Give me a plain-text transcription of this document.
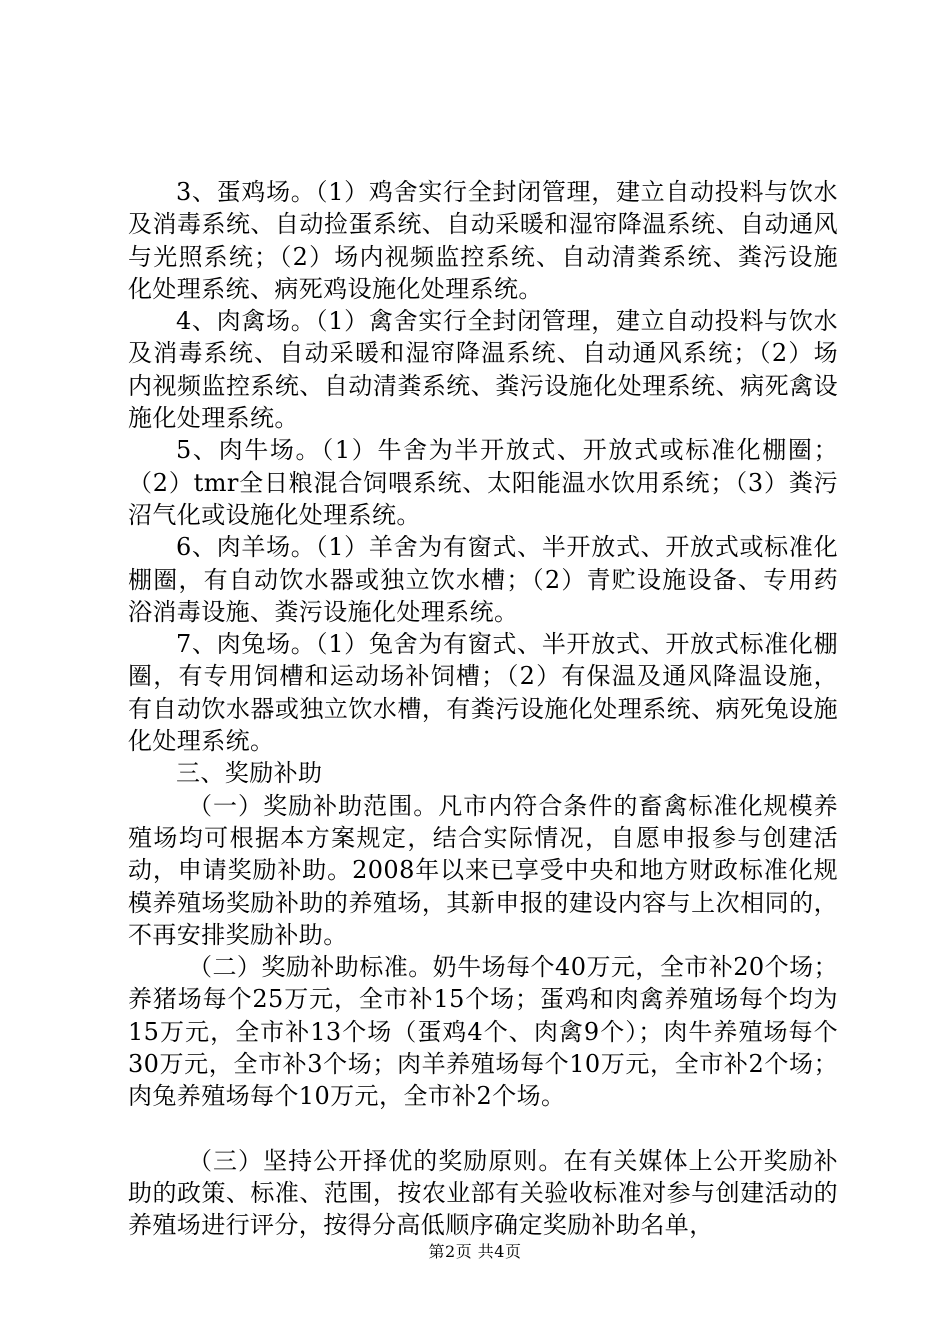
3、蛋鸡场。（1）鸡舍实行全封闭管理，建立自动投料与饮水及消毒系统、自动捡蛋系统、自动采暖和湿帘降温系统、自动通风与光照系统；（2）场内视频监控系统、自动清粪系统、粪污设施化处理系统、病死鸡设施化处理系统。

4、肉禽场。（1）禽舍实行全封闭管理，建立自动投料与饮水及消毒系统、自动采暖和湿帘降温系统、自动通风系统；（2）场内视频监控系统、自动清粪系统、粪污设施化处理系统、病死禽设施化处理系统。

5、肉牛场。（1）牛舍为半开放式、开放式或标准化棚圈；（2）tmr全日粮混合饲喂系统、太阳能温水饮用系统；（3）粪污沼气化或设施化处理系统。

6、肉羊场。（1）羊舍为有窗式、半开放式、开放式或标准化棚圈，有自动饮水器或独立饮水槽；（2）青贮设施设备、专用药浴消毒设施、粪污设施化处理系统。

7、肉兔场。（1）兔舍为有窗式、半开放式、开放式标准化棚圈，有专用饲槽和运动场补饲槽；（2）有保温及通风降温设施，有自动饮水器或独立饮水槽，有粪污设施化处理系统、病死兔设施化处理系统。

三、奖励补助

（一）奖励补助范围。凡市内符合条件的畜禽标准化规模养殖场均可根据本方案规定，结合实际情况，自愿申报参与创建活动，申请奖励补助。2008年以来已享受中央和地方财政标准化规模养殖场奖励补助的养殖场，其新申报的建设内容与上次相同的，不再安排奖励补助。

（二）奖励补助标准。奶牛场每个40万元，全市补20个场；养猪场每个25万元，全市补15个场；蛋鸡和肉禽养殖场每个均为15万元，全市补13个场（蛋鸡4个、肉禽9个）；肉牛养殖场每个30万元，全市补3个场；肉羊养殖场每个10万元，全市补2个场；肉兔养殖场每个10万元，全市补2个场。

（三）坚持公开择优的奖励原则。在有关媒体上公开奖励补助的政策、标准、范围，按农业部有关验收标准对参与创建活动的养殖场进行评分，按得分高低顺序确定奖励补助名单，

第2页 共4页
